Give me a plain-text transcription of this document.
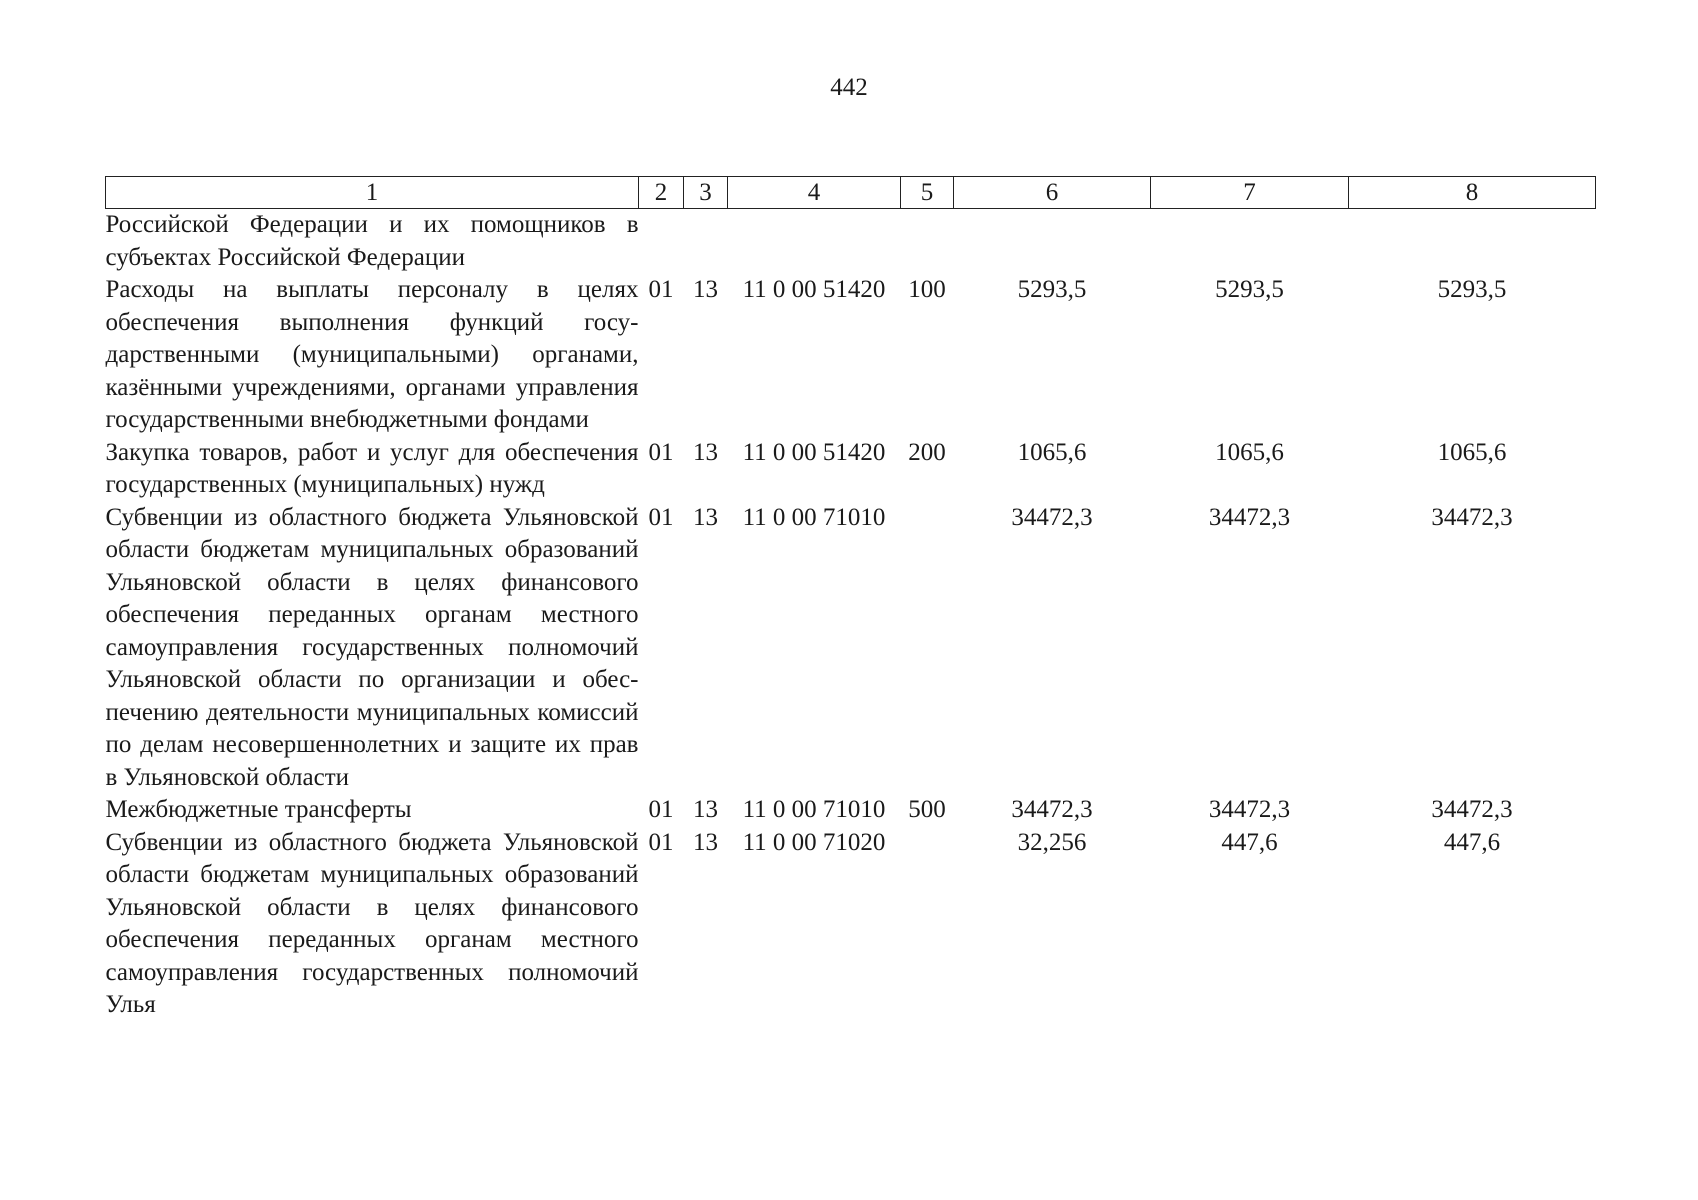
442
1	2	3	4	5	6	7	8
Российской Федерации и их помощников в субъектах Российской Федерации							
Расходы на выплаты персоналу в целях обеспечения выполнения функций государственными (муниципальными) органами, казёнными учреждениями, органами управления государственными внебюджетными фондами	01	13	11 0 00 51420	100	5293,5	5293,5	5293,5
Закупка товаров, работ и услуг для обеспечения государственных (муниципальных) нужд	01	13	11 0 00 51420	200	1065,6	1065,6	1065,6
Субвенции из областного бюджета Ульяновской области бюджетам муниципальных образований Ульяновской области в целях финансового обеспечения переданных органам местного самоуправления государственных полномочий Ульяновской области по организации и обеспечению деятельности муниципальных комиссий по делам несовершеннолетних и защите их прав в Ульяновской области	01	13	11 0 00 71010		34472,3	34472,3	34472,3
Межбюджетные трансферты	01	13	11 0 00 71010	500	34472,3	34472,3	34472,3
Субвенции из областного бюджета Ульяновской области бюджетам муниципальных образований Ульяновской области в целях финансового обеспечения переданных органам местного самоуправления государственных полномочий Улья	01	13	11 0 00 71020		32,256	447,6	447,6
